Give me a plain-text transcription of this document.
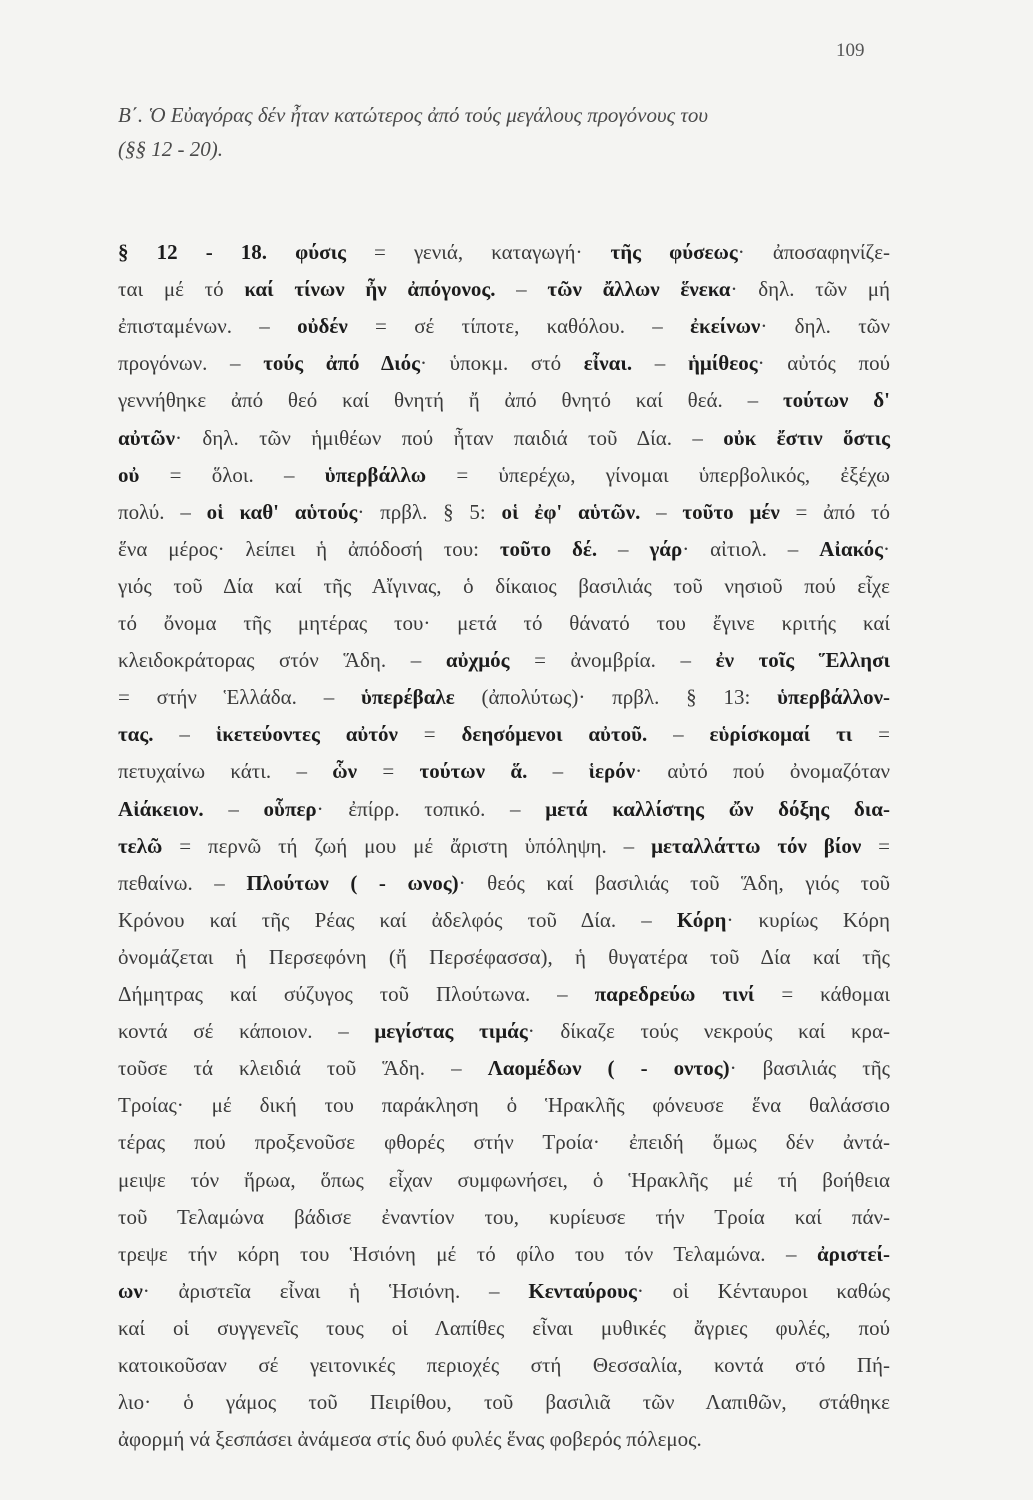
109
Β΄. Ὁ Εὐαγόρας δέν ἦταν κατώτερος ἀπό τούς μεγάλους προγόνους του
(§§ 12 - 20).
§ 12 - 18. φύσις = γενιά, καταγωγή· τῆς φύσεως· ἀποσαφηνίζε-
ται μέ τό καί τίνων ἦν ἀπόγονος. – τῶν ἄλλων ἕνεκα· δηλ. τῶν μή
ἐπισταμένων. – οὐδέν = σέ τίποτε, καθόλου. – ἐκείνων· δηλ. τῶν
προγόνων. – τούς ἀπό Διός· ὑποκμ. στό εἶναι. – ἡμίθεος· αὐτός πού
γεννήθηκε ἀπό θεό καί θνητή ἤ ἀπό θνητό καί θεά. – τούτων δ'
αὐτῶν· δηλ. τῶν ἡμιθέων πού ἦταν παιδιά τοῦ Δία. – οὐκ ἔστιν ὅστις
οὐ = ὅλοι. – ὑπερβάλλω = ὑπερέχω, γίνομαι ὑπερβολικός, ἐξέχω
πολύ. – οἱ καθ' αὑτούς· πρβλ. § 5: οἱ ἐφ' αὑτῶν. – τοῦτο μέν = ἀπό τό
ἕνα μέρος· λείπει ἡ ἀπόδοσή του: τοῦτο δέ. – γάρ· αἰτιολ. – Αἰακός·
γιός τοῦ Δία καί τῆς Αἴγινας, ὁ δίκαιος βασιλιάς τοῦ νησιοῦ πού εἶχε
τό ὄνομα τῆς μητέρας του· μετά τό θάνατό του ἔγινε κριτής καί
κλειδοκράτορας στόν Ἅδη. – αὐχμός = ἀνομβρία. – ἐν τοῖς Ἕλλησι
= στήν Ἑλλάδα. – ὑπερέβαλε (ἀπολύτως)· πρβλ. § 13: ὑπερβάλλον-
τας. – ἱκετεύοντες αὐτόν = δεησόμενοι αὐτοῦ. – εὑρίσκομαί τι =
πετυχαίνω κάτι. – ὧν = τούτων ἅ. – ἱερόν· αὐτό πού ὀνομαζόταν
Αἰάκειον. – οὗπερ· ἐπίρρ. τοπικό. – μετά καλλίστης ὤν δόξης δια-
τελῶ = περνῶ τή ζωή μου μέ ἄριστη ὑπόληψη. – μεταλλάττω τόν βίον =
πεθαίνω. – Πλούτων ( - ωνος)· θεός καί βασιλιάς τοῦ Ἅδη, γιός τοῦ
Κρόνου καί τῆς Ρέας καί ἀδελφός τοῦ Δία. – Κόρη· κυρίως Κόρη
ὀνομάζεται ἡ Περσεφόνη (ἤ Περσέφασσα), ἡ θυγατέρα τοῦ Δία καί τῆς
Δήμητρας καί σύζυγος τοῦ Πλούτωνα. – παρεδρεύω τινί = κάθομαι
κοντά σέ κάποιον. – μεγίστας τιμάς· δίκαζε τούς νεκρούς καί κρα-
τοῦσε τά κλειδιά τοῦ Ἅδη. – Λαομέδων ( - οντος)· βασιλιάς τῆς
Τροίας· μέ δική του παράκληση ὁ Ἡρακλῆς φόνευσε ἕνα θαλάσσιο
τέρας πού προξενοῦσε φθορές στήν Τροία· ἐπειδή ὅμως δέν ἀντά-
μειψε τόν ἥρωα, ὅπως εἶχαν συμφωνήσει, ὁ Ἡρακλῆς μέ τή βοήθεια
τοῦ Τελαμώνα βάδισε ἐναντίον του, κυρίευσε τήν Τροία καί πάν-
τρεψε τήν κόρη του Ἡσιόνη μέ τό φίλο του τόν Τελαμώνα. – ἀριστεί-
ων· ἀριστεῖα εἶναι ἡ Ἡσιόνη. – Κενταύρους· οἱ Κένταυροι καθώς
καί οἱ συγγενεῖς τους οἱ Λαπίθες εἶναι μυθικές ἄγριες φυλές, πού
κατοικοῦσαν σέ γειτονικές περιοχές στή Θεσσαλία, κοντά στό Πή-
λιο· ὁ γάμος τοῦ Πειρίθου, τοῦ βασιλιᾶ τῶν Λαπιθῶν, στάθηκε
ἀφορμή νά ξεσπάσει ἀνάμεσα στίς δυό φυλές ἕνας φοβερός πόλεμος.
